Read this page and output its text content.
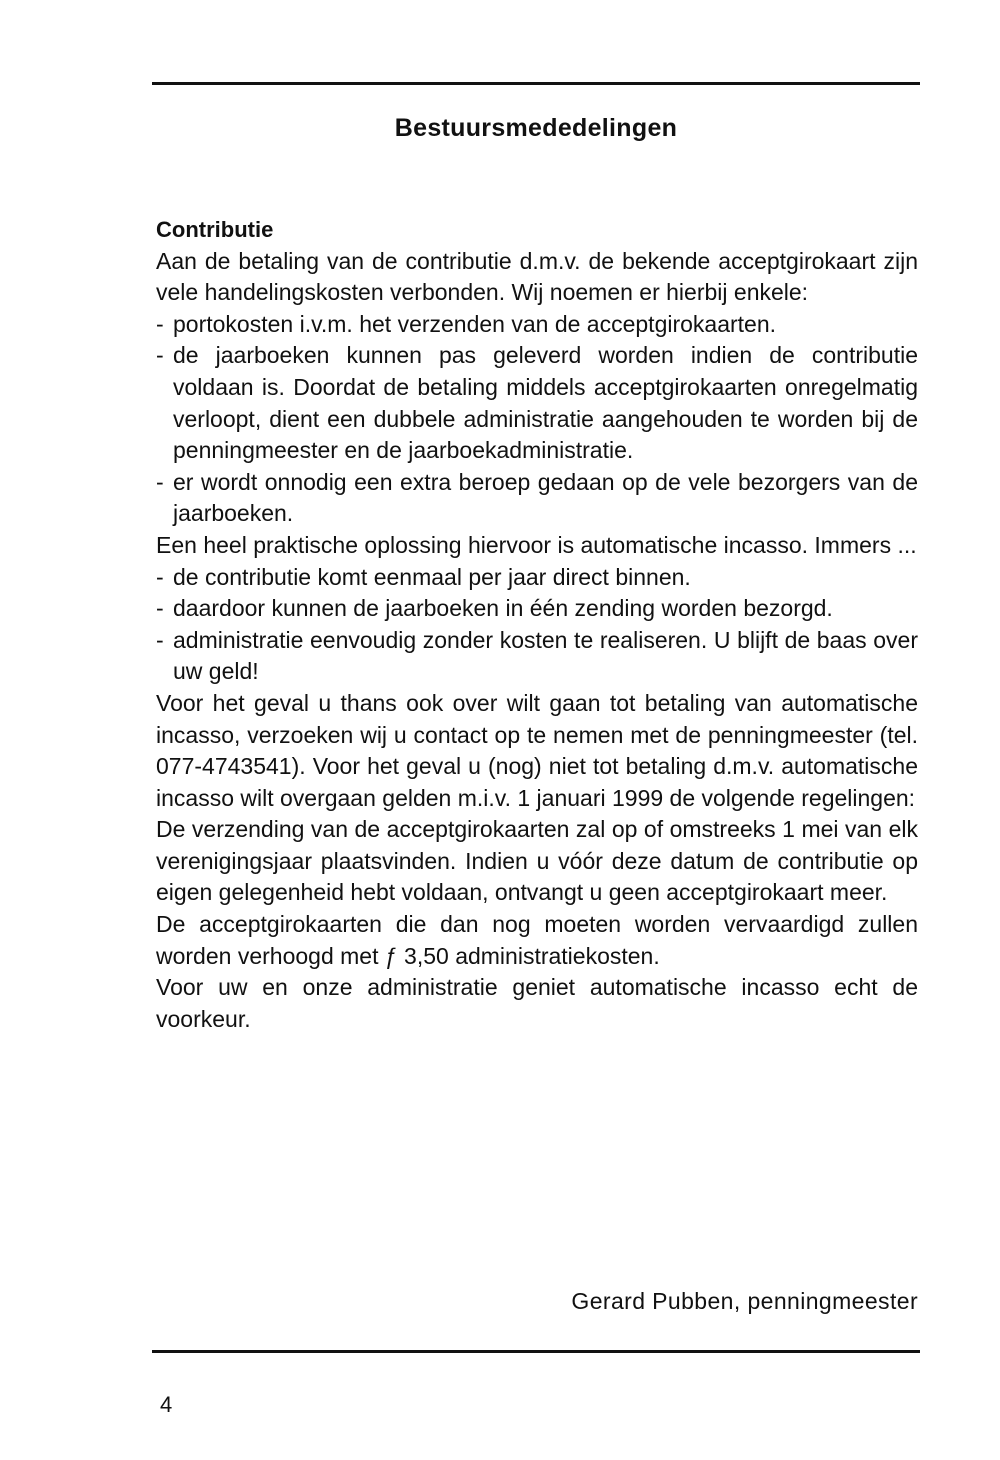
Bestuursmededelingen
Contributie

Aan de betaling van de contributie d.m.v. de bekende acceptgirokaart zijn vele handelingskosten verbonden. Wij noemen er hierbij enkele:

- portokosten i.v.m. het verzenden van de acceptgirokaarten.
- de jaarboeken kunnen pas geleverd worden indien de contributie voldaan is. Doordat de betaling middels acceptgirokaarten onregelmatig verloopt, dient een dubbele administratie aangehouden te worden bij de penningmeester en de jaarboekadministratie.
- er wordt onnodig een extra beroep gedaan op de vele bezorgers van de jaarboeken.

Een heel praktische oplossing hiervoor is automatische incasso. Immers ...

- de contributie komt eenmaal per jaar direct binnen.
- daardoor kunnen de jaarboeken in één zending worden bezorgd.
- administratie eenvoudig zonder kosten te realiseren. U blijft de baas over uw geld!

Voor het geval u thans ook over wilt gaan tot betaling van automatische incasso, verzoeken wij u contact op te nemen met de penningmeester (tel. 077-4743541). Voor het geval u (nog) niet tot betaling d.m.v. automatische incasso wilt overgaan gelden m.i.v. 1 januari 1999 de volgende regelingen:

De verzending van de acceptgirokaarten zal op of omstreeks 1 mei van elk verenigingsjaar plaatsvinden. Indien u vóór deze datum de contributie op eigen gelegenheid hebt voldaan, ontvangt u geen acceptgirokaart meer.

De acceptgirokaarten die dan nog moeten worden vervaardigd zullen worden verhoogd met ƒ 3,50 administratiekosten.

Voor uw en onze administratie geniet automatische incasso echt de voorkeur.

Gerard Pubben, penningmeester
4
